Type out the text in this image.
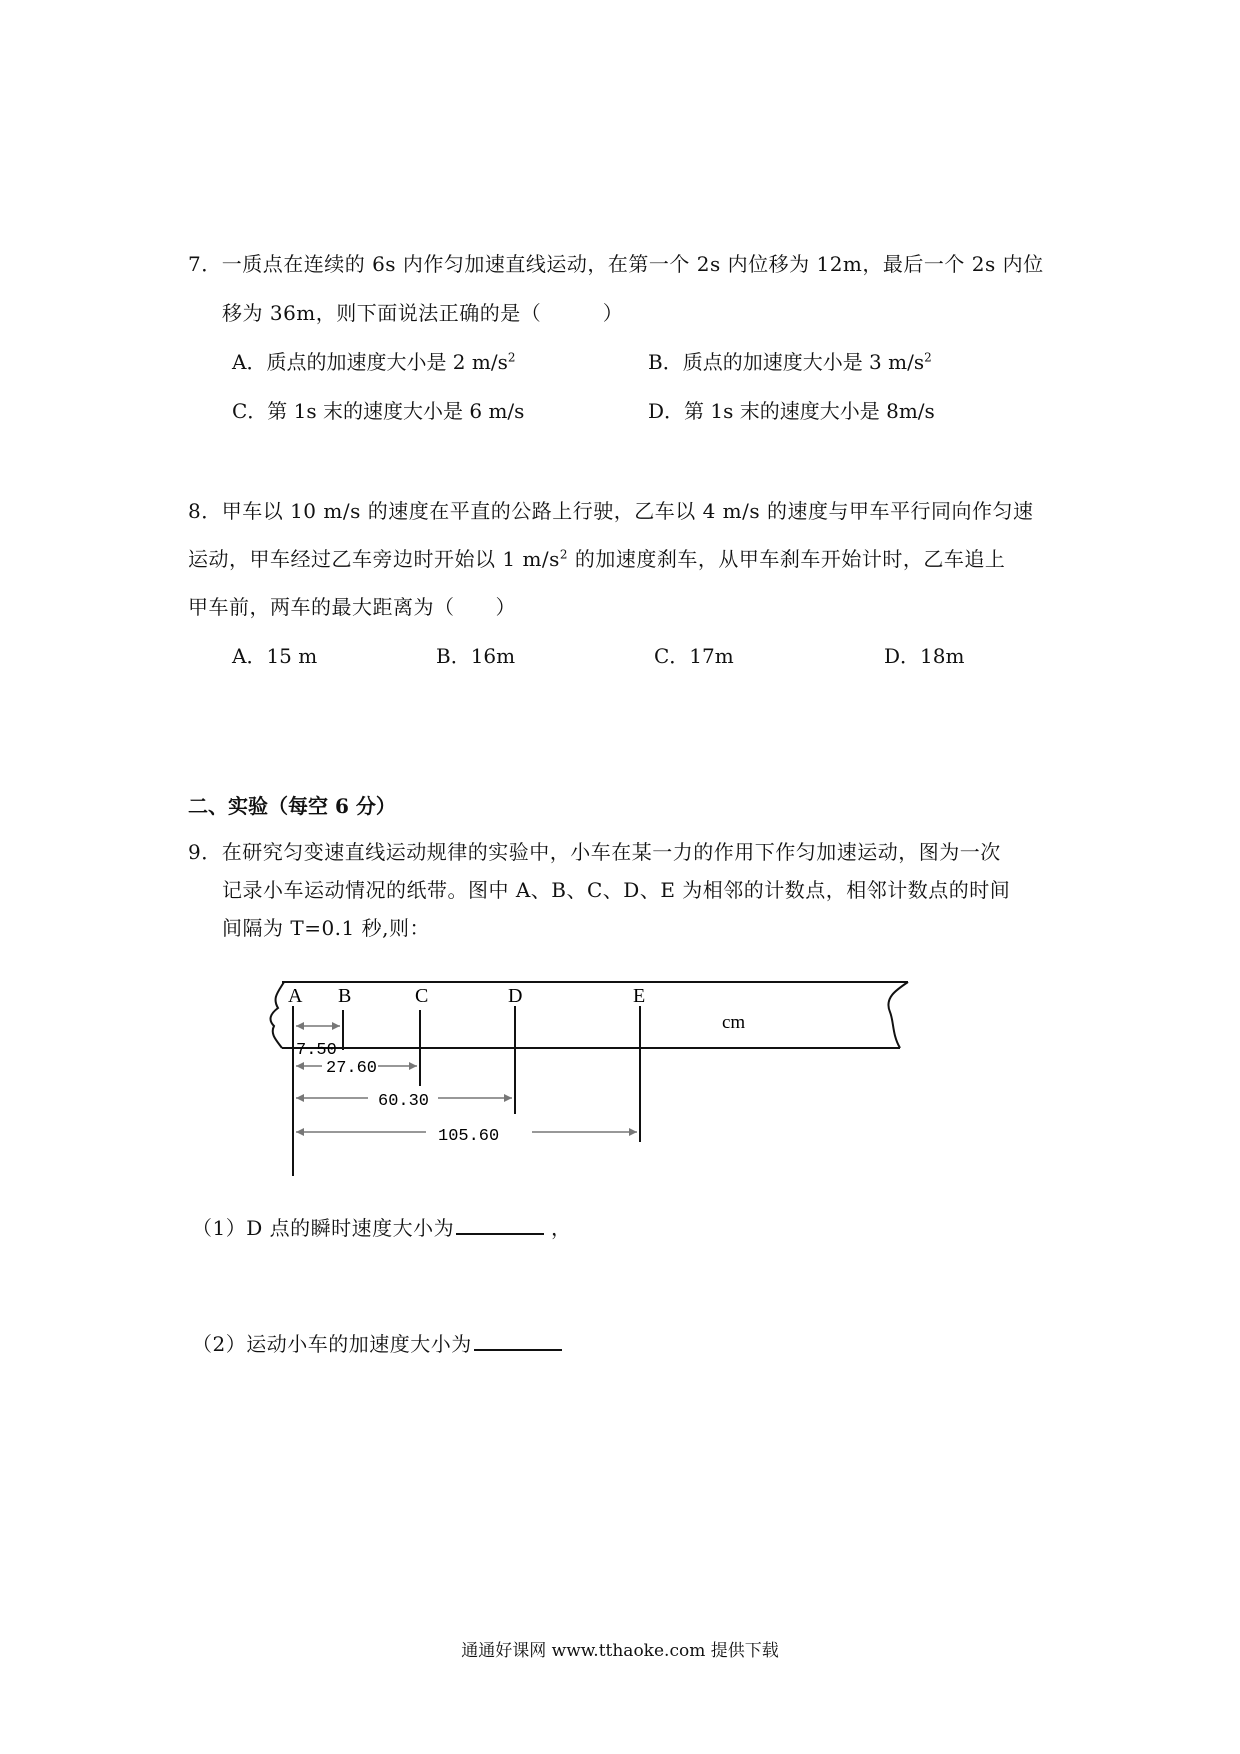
7．一质点在连续的 6s 内作匀加速直线运动，在第一个 2s 内位移为 12m，最后一个 2s 内位
移为 36m，则下面说法正确的是（　　　）
A．质点的加速度大小是 2 $m/s^2$	B．质点的加速度大小是 3 $m/s^2$
C．第 1s 末的速度大小是 6 m/s	D．第 1s 末的速度大小是 8m/s
8．甲车以 10 m/s 的速度在平直的公路上行驶，乙车以 4 m/s 的速度与甲车平行同向作匀速
运动，甲车经过乙车旁边时开始以 1 $m/s^2$ 的加速度刹车，从甲车刹车开始计时，乙车追上
甲车前，两车的最大距离为（　　）
A．15 m	B．16m	C．17m	D．18m
二、实验（每空 6 分）
9．在研究匀变速直线运动规律的实验中，小车在某一力的作用下作匀加速运动，图为一次
记录小车运动情况的纸带。图中 A、B、C、D、E 为相邻的计数点，相邻计数点的时间
间隔为 T=0.1 秒,则：
A B	C	D	E
cm
7.50
27.60
60.30
105.60
（1）D 点的瞬时速度大小为	，
（2）运动小车的加速度大小为
通通好课网 www.tthaoke.com 提供下载
